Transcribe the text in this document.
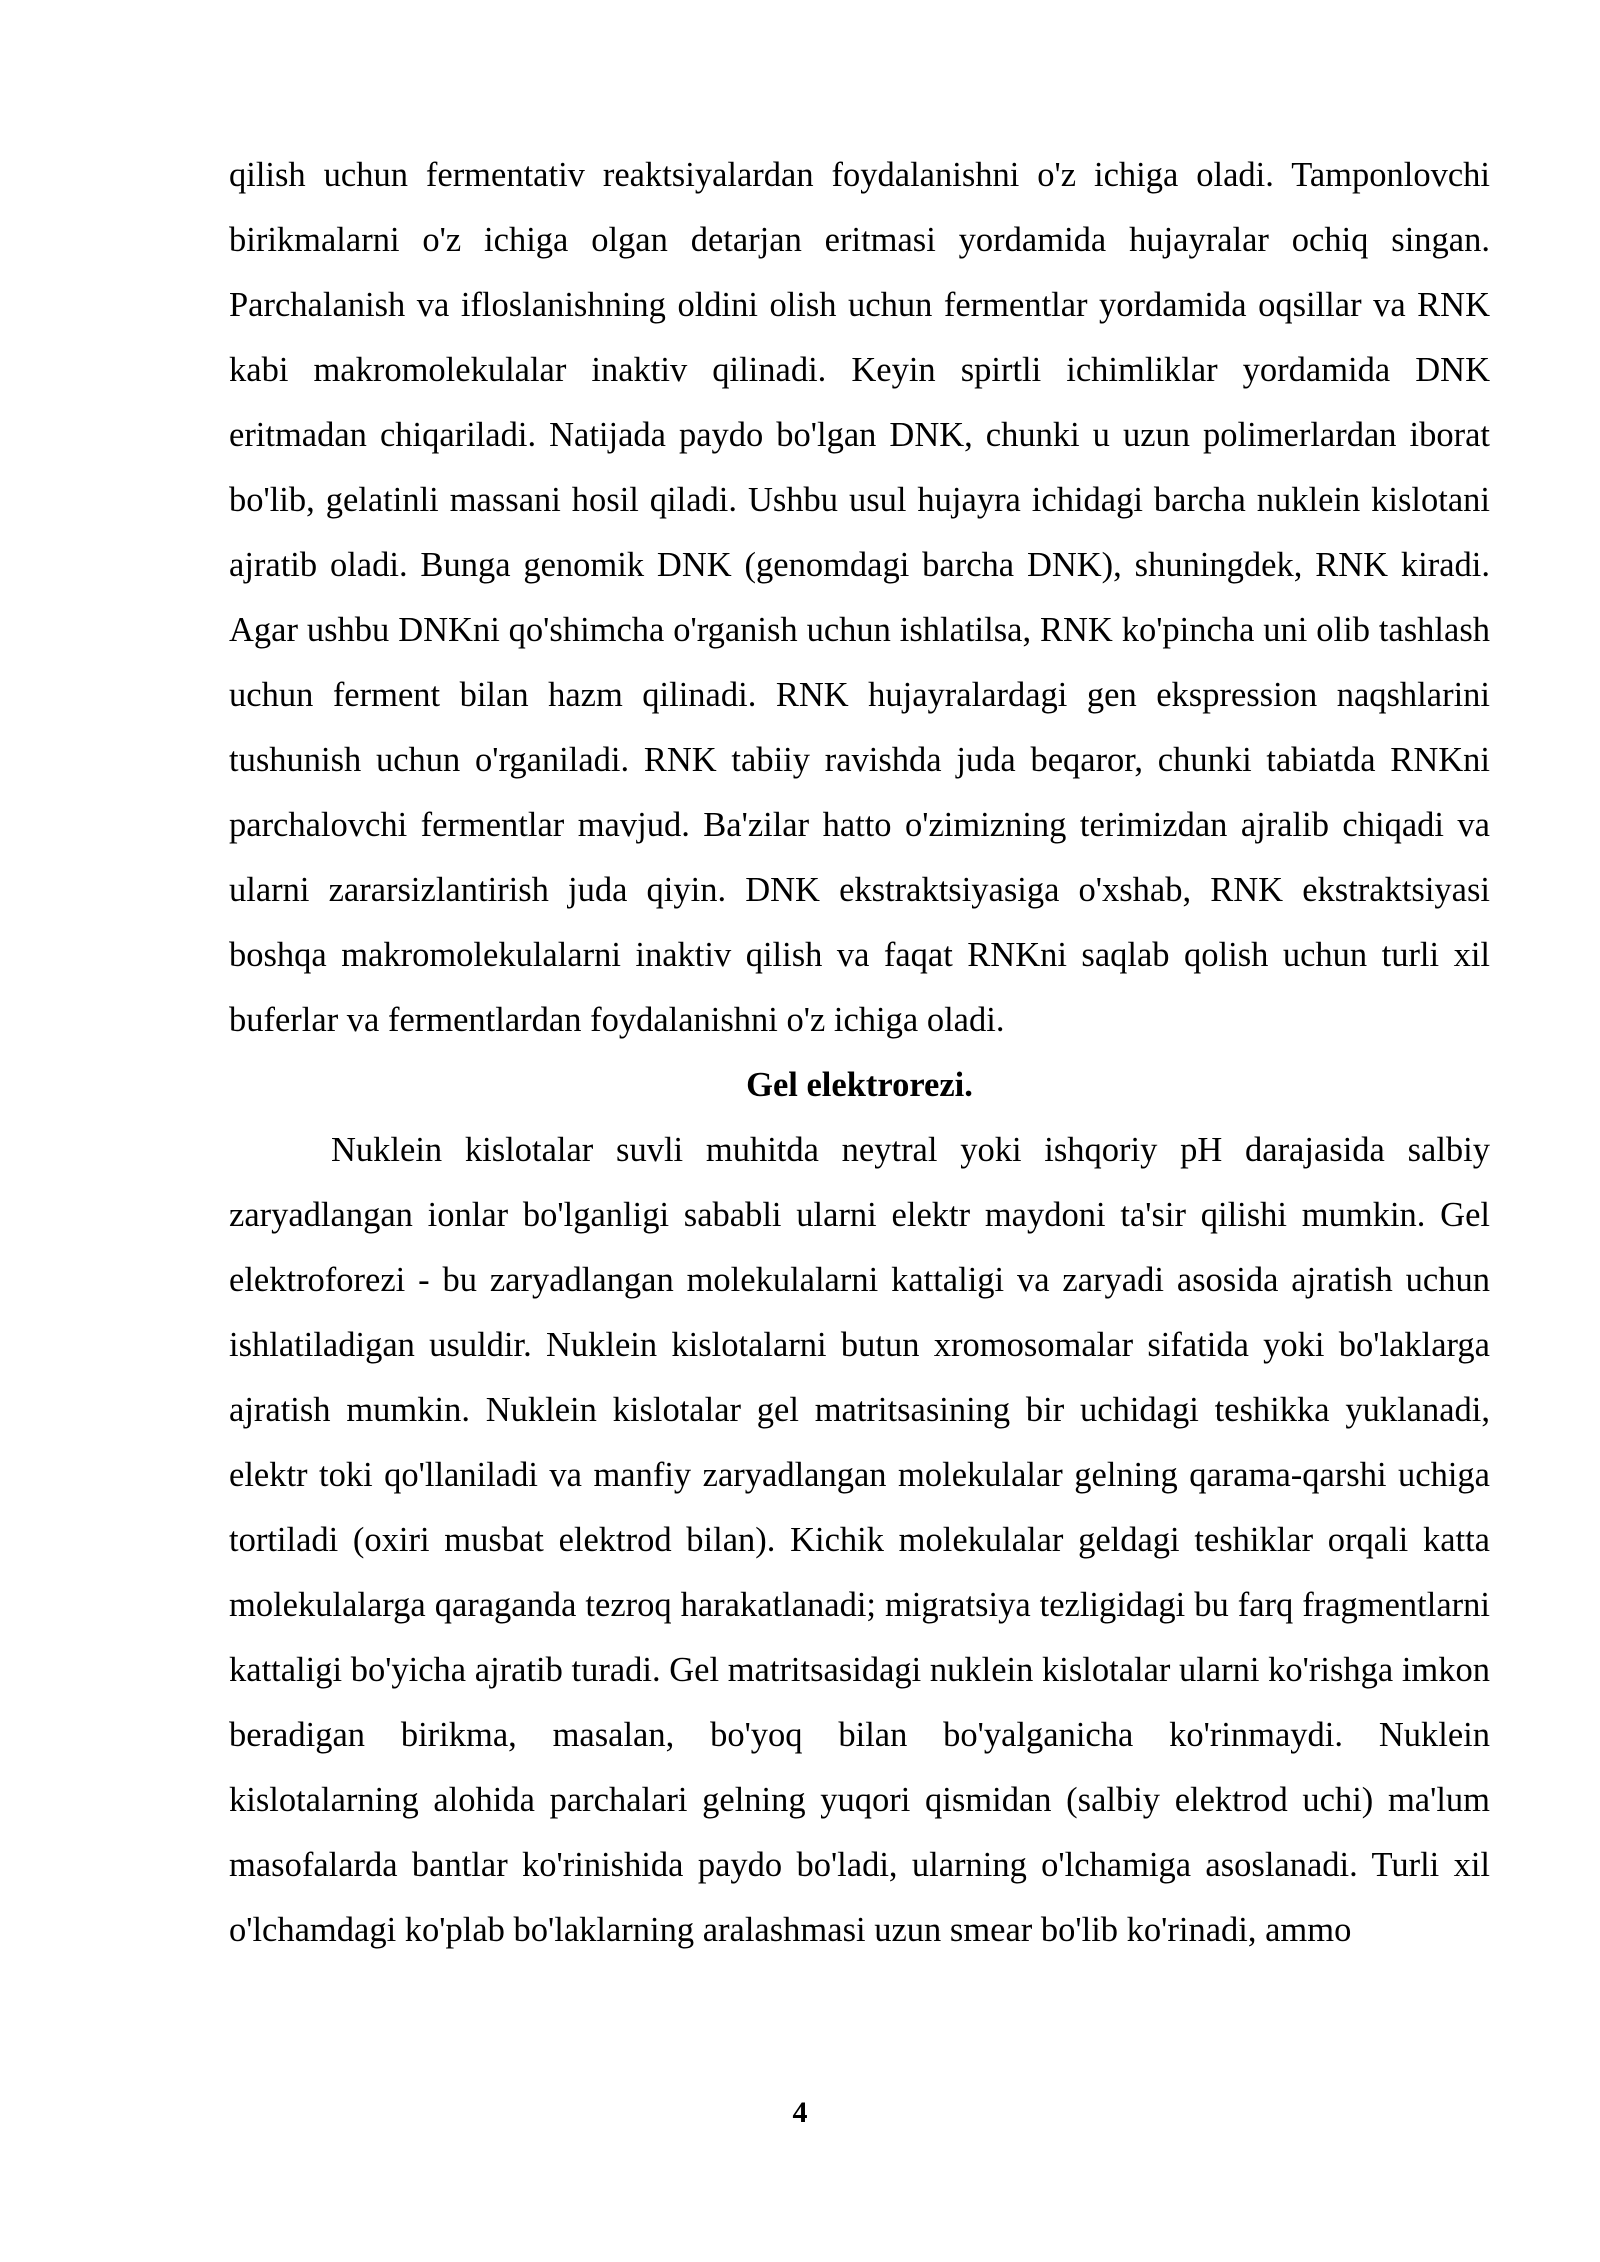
qilish uchun fermentativ reaktsiyalardan foydalanishni o'z ichiga oladi. Tamponlovchi birikmalarni o'z ichiga olgan detarjan eritmasi yordamida hujayralar ochiq singan. Parchalanish va ifloslanishning oldini olish uchun fermentlar yordamida oqsillar va RNK kabi makromolekulalar inaktiv qilinadi. Keyin spirtli ichimliklar yordamida DNK eritmadan chiqariladi. Natijada paydo bo'lgan DNK, chunki u uzun polimerlardan iborat bo'lib, gelatinli massani hosil qiladi. Ushbu usul hujayra ichidagi barcha nuklein kislotani ajratib oladi. Bunga genomik DNK (genomdagi barcha DNK), shuningdek, RNK kiradi. Agar ushbu DNKni qo'shimcha o'rganish uchun ishlatilsa, RNK ko'pincha uni olib tashlash uchun ferment bilan hazm qilinadi. RNK hujayralardagi gen ekspression naqshlarini tushunish uchun o'rganiladi. RNK tabiiy ravishda juda beqaror, chunki tabiatda RNKni parchalovchi fermentlar mavjud. Ba'zilar hatto o'zimizning terimizdan ajralib chiqadi va ularni zararsizlantirish juda qiyin. DNK ekstraktsiyasiga o'xshab, RNK ekstraktsiyasi boshqa makromolekulalarni inaktiv qilish va faqat RNKni saqlab qolish uchun turli xil buferlar va fermentlardan foydalanishni o'z ichiga oladi.

Gel elektrorezi.

Nuklein kislotalar suvli muhitda neytral yoki ishqoriy pH darajasida salbiy zaryadlangan ionlar bo'lganligi sababli ularni elektr maydoni ta'sir qilishi mumkin. Gel elektroforezi - bu zaryadlangan molekulalarni kattaligi va zaryadi asosida ajratish uchun ishlatiladigan usuldir. Nuklein kislotalarni butun xromosomalar sifatida yoki bo'laklarga ajratish mumkin. Nuklein kislotalar gel matritsasining bir uchidagi teshikka yuklanadi, elektr toki qo'llaniladi va manfiy zaryadlangan molekulalar gelning qarama-qarshi uchiga tortiladi (oxiri musbat elektrod bilan). Kichik molekulalar geldagi teshiklar orqali katta molekulalarga qaraganda tezroq harakatlanadi; migratsiya tezligidagi bu farq fragmentlarni kattaligi bo'yicha ajratib turadi. Gel matritsasidagi nuklein kislotalar ularni ko'rishga imkon beradigan birikma, masalan, bo'yoq bilan bo'yalganicha ko'rinmaydi. Nuklein kislotalarning alohida parchalari gelning yuqori qismidan (salbiy elektrod uchi) ma'lum masofalarda bantlar ko'rinishida paydo bo'ladi, ularning o'lchamiga asoslanadi. Turli xil o'lchamdagi ko'plab bo'laklarning aralashmasi uzun smear bo'lib ko'rinadi, ammo

4
